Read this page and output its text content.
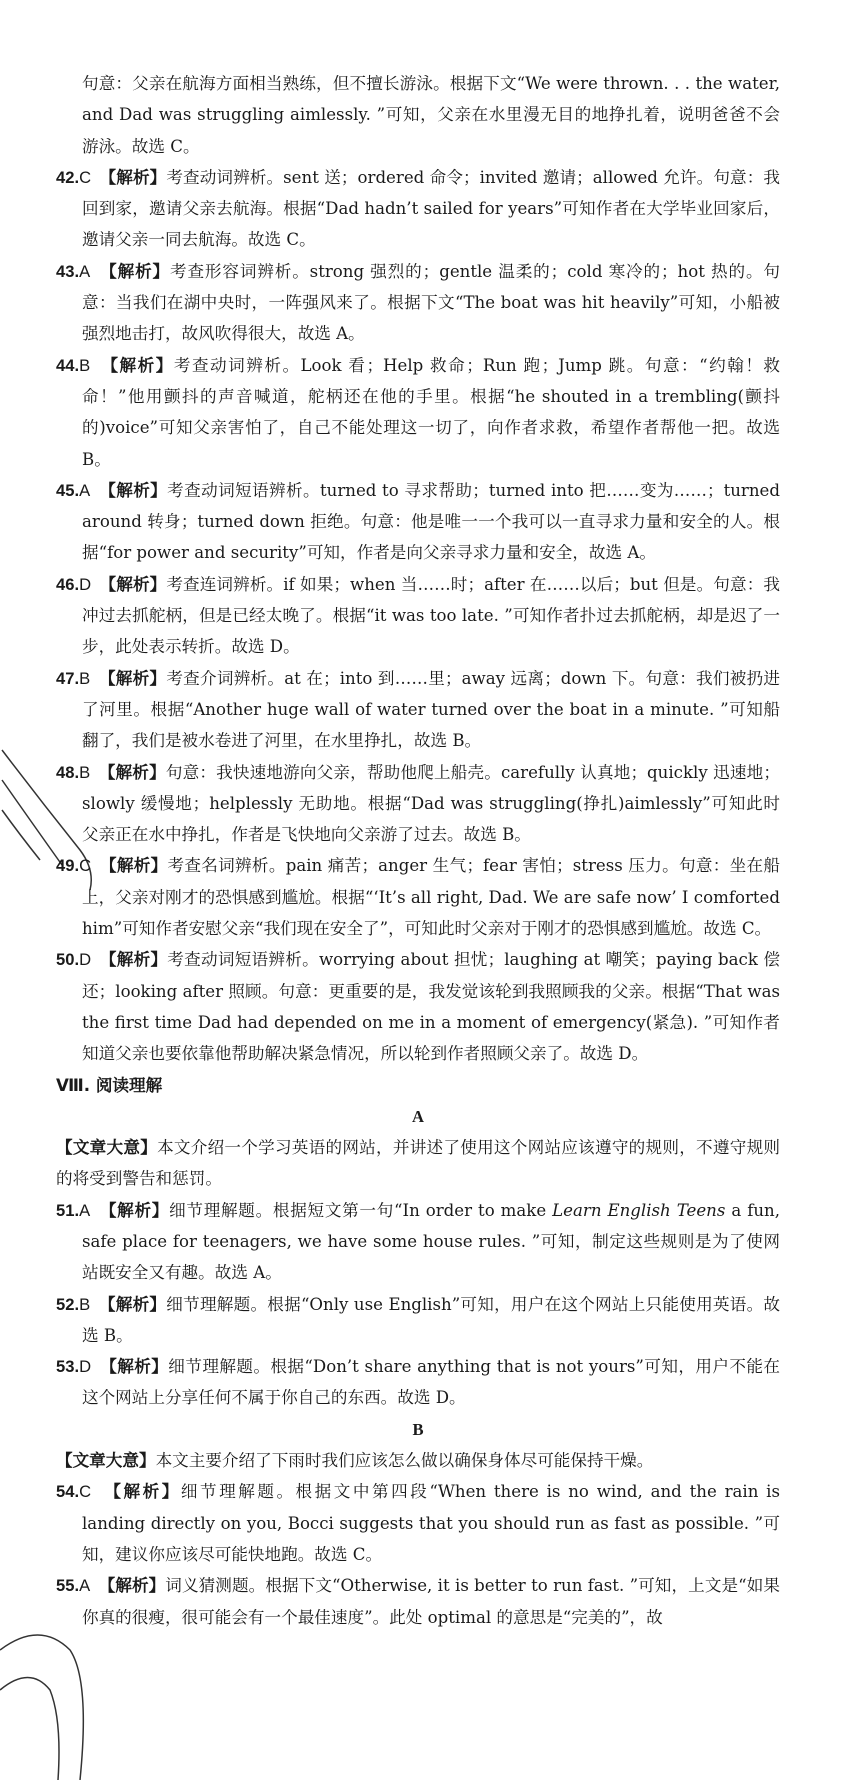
句意：父亲在航海方面相当熟练，但不擅长游泳。根据下文“We were thrown. . . the water, and Dad was struggling aimlessly. ”可知，父亲在水里漫无目的地挣扎着，说明爸爸不会游泳。故选 C。

42.C　 【解析】考查动词辨析。sent 送；ordered 命令；invited 邀请；allowed 允许。句意：我回到家，邀请父亲去航海。根据“Dad hadn’t sailed for years”可知作者在大学毕业回家后，邀请父亲一同去航海。故选 C。

43.A　 【解析】考查形容词辨析。strong 强烈的；gentle 温柔的；cold 寒冷的；hot 热的。句意：当我们在湖中央时，一阵强风来了。根据下文“The boat was hit heavily”可知，小船被强烈地击打，故风吹得很大，故选 A。

44.B　 【解析】考查动词辨析。Look 看；Help 救命；Run 跑；Jump 跳。句意：“约翰！救命！”他用颤抖的声音喊道，舵柄还在他的手里。根据“he shouted in a trembling(颤抖的)voice”可知父亲害怕了，自己不能处理这一切了，向作者求救，希望作者帮他一把。故选 B。

45.A　 【解析】考查动词短语辨析。turned to 寻求帮助；turned into 把……变为……；turned around 转身；turned down 拒绝。句意：他是唯一一个我可以一直寻求力量和安全的人。根据“for power and security”可知，作者是向父亲寻求力量和安全，故选 A。

46.D　 【解析】考查连词辨析。if 如果；when 当……时；after 在……以后；but 但是。句意：我冲过去抓舵柄，但是已经太晚了。根据“it was too late. ”可知作者扑过去抓舵柄，却是迟了一步，此处表示转折。故选 D。

47.B　 【解析】考查介词辨析。at 在；into 到……里；away 远离；down 下。句意：我们被扔进了河里。根据“Another huge wall of water turned over the boat in a minute. ”可知船翻了，我们是被水卷进了河里，在水里挣扎，故选 B。

48.B　 【解析】句意：我快速地游向父亲，帮助他爬上船壳。carefully 认真地；quickly 迅速地；slowly 缓慢地；helplessly 无助地。根据“Dad was struggling(挣扎)aimlessly”可知此时父亲正在水中挣扎，作者是飞快地向父亲游了过去。故选 B。

49.C　 【解析】考查名词辨析。pain 痛苦；anger 生气；fear 害怕；stress 压力。句意：坐在船上，父亲对刚才的恐惧感到尴尬。根据“‘It’s all right, Dad. We are safe now’ I comforted him”可知作者安慰父亲“我们现在安全了”，可知此时父亲对于刚才的恐惧感到尴尬。故选 C。

50.D　 【解析】考查动词短语辨析。worrying about 担忧；laughing at 嘲笑；paying back 偿还；looking after 照顾。句意：更重要的是，我发觉该轮到我照顾我的父亲。根据“That was the first time Dad had depended on me in a moment of emergency(紧急). ”可知作者知道父亲也要依靠他帮助解决紧急情况，所以轮到作者照顾父亲了。故选 D。

Ⅷ. 阅读理解

A

【文章大意】本文介绍一个学习英语的网站，并讲述了使用这个网站应该遵守的规则，不遵守规则的将受到警告和惩罚。

51.A　 【解析】细节理解题。根据短文第一句“In order to make Learn English Teens a fun, safe place for teenagers, we have some house rules. ”可知，制定这些规则是为了使网站既安全又有趣。故选 A。

52.B　 【解析】细节理解题。根据“Only use English”可知，用户在这个网站上只能使用英语。故选 B。

53.D　 【解析】细节理解题。根据“Don’t share anything that is not yours”可知，用户不能在这个网站上分享任何不属于你自己的东西。故选 D。

B

【文章大意】本文主要介绍了下雨时我们应该怎么做以确保身体尽可能保持干燥。

54.C　 【解析】细节理解题。根据文中第四段“When there is no wind, and the rain is landing directly on you, Bocci suggests that you should run as fast as possible. ”可知，建议你应该尽可能快地跑。故选 C。

55.A　 【解析】词义猜测题。根据下文“Otherwise, it is better to run fast. ”可知，上文是“如果你真的很瘦，很可能会有一个最佳速度”。此处 optimal 的意思是“完美的”，故
